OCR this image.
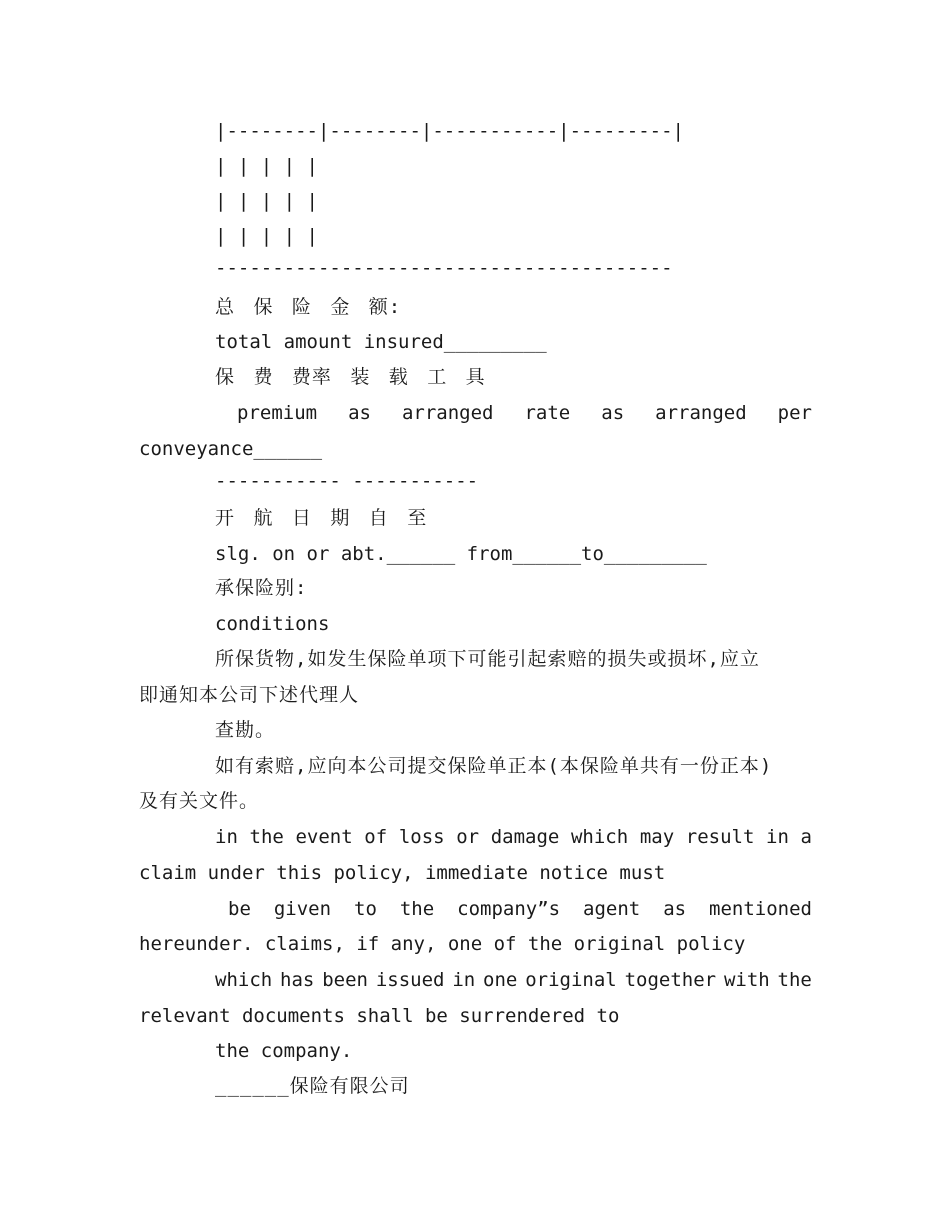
|--------|--------|-----------|---------|
| | | | |
| | | | |
| | | | |
----------------------------------------
总 保 险 金 额:
total amount insured_________
保 费 费率 装 载 工 具
premium as arranged rate as arranged per
conveyance______
----------- -----------
开 航 日 期 自 至
slg. on or abt.______ from______to_________
承保险别:
conditions
所保货物,如发生保险单项下可能引起索赔的损失或损坏,应立
即通知本公司下述代理人
查勘。
如有索赔,应向本公司提交保险单正本(本保险单共有一份正本)
及有关文件。
in the event of loss or damage which may result in a
claim under this policy, immediate notice must
be given to the company”s agent as mentioned
hereunder. claims, if any, one of the original policy
which has been issued in one original together with the
relevant documents shall be surrendered to
the company.
______保险有限公司
